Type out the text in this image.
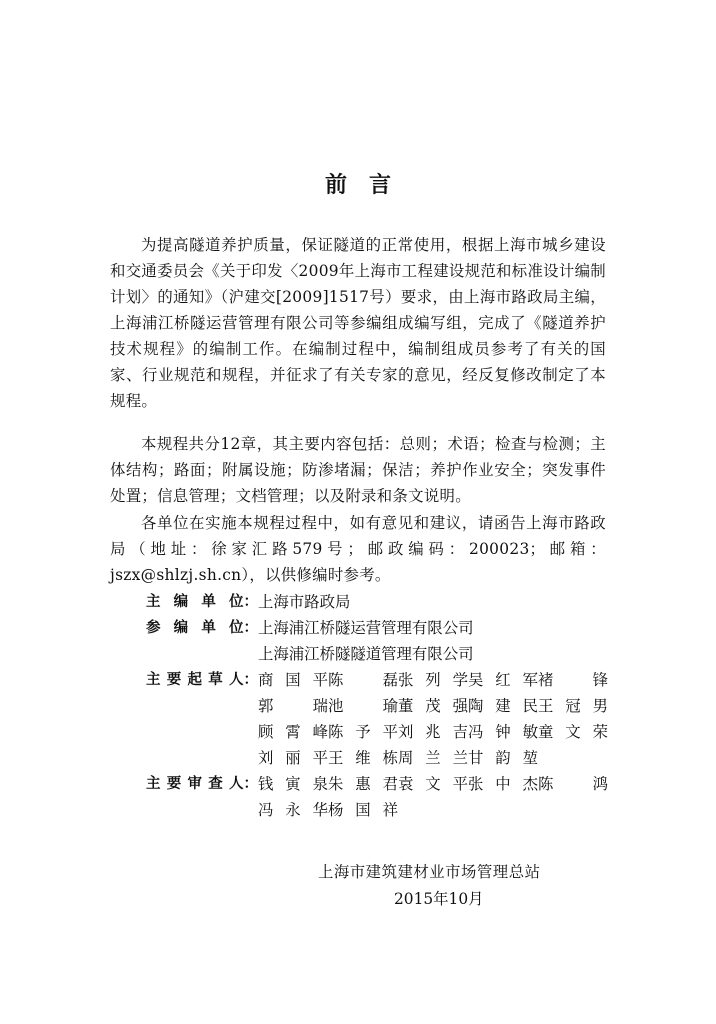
前言

为提高隧道养护质量，保证隧道的正常使用，根据上海市城乡建设和交通委员会《关于印发〈2009年上海市工程建设规范和标准设计编制计划〉的通知》（沪建交[2009]1517号）要求，由上海市路政局主编，上海浦江桥隧运营管理有限公司等参编组成编写组，完成了《隧道养护技术规程》的编制工作。在编制过程中，编制组成员参考了有关的国家、行业规范和规程，并征求了有关专家的意见，经反复修改制定了本规程。

本规程共分12章，其主要内容包括：总则；术语；检查与检测；主体结构；路面；附属设施；防渗堵漏；保洁；养护作业安全；突发事件处置；信息管理；文档管理；以及附录和条文说明。

各单位在实施本规程过程中，如有意见和建议，请函告上海市路政局（地址：徐家汇路579号；邮政编码：200023；邮箱：jszx@shlzj.sh.cn），以供修编时参考。

主 编 单 位： 上海市路政局
参 编 单 位： 上海浦江桥隧运营管理有限公司
上海浦江桥隧隧道管理有限公司
主 要 起 草 人： 商国平 陈磊 张列学 吴红军 褚锋
郭瑞 池瑜 董茂强 陶建民 王冠男
顾霄峰 陈予平 刘兆吉 冯钟敏 童文荣
刘丽平 王维栋 周兰兰 甘韵堃
主 要 审 查 人： 钱寅泉 朱惠君 袁文平 张中杰 陈鸿
冯永华 杨国祥
上海市建筑建材业市场管理总站
2015年10月
